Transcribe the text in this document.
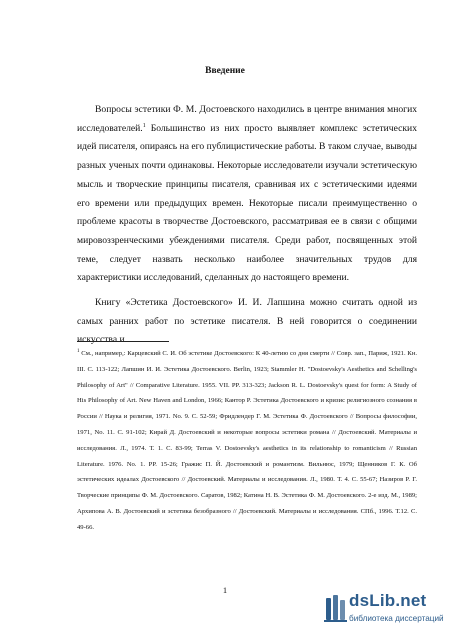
Введение

Вопросы эстетики Ф. М. Достоевского находились в центре внимания многих исследователей.$^1$ Большинство из них просто выявляет комплекс эстетических идей писателя, опираясь на его публицистические работы. В таком случае, выводы разных ученых почти одинаковы. Некоторые исследователи изучали эстетическую мысль и творческие принципы писателя, сравнивая их с эстетическими идеями его времени или предыдущих времен. Некоторые писали преимущественно о проблеме красоты в творчестве Достоевского, рассматривая ее в связи с общими мировоззренческими убеждениями писателя. Среди работ, посвященных этой теме, следует назвать несколько наиболее значительных трудов для характеристики исследований, сделанных до настоящего времени.

Книгу «Эстетика Достоевского» И. И. Лапшина можно считать одной из самых ранних работ по эстетике писателя. В ней говорится о соединении искусства и

$^1$ См., например,: Карцевский С. И. Об эстетике Достоевского: К 40-летию со дня смерти // Совр. зап., Париж, 1921. Кн. III. С. 113-122; Лапшин И. И. Эстетика Достоевского. Berlin, 1923; Stammler H. "Dostoevsky's Aesthetics and Schelling's Philosophy of Art" // Comparative Literature. 1955. VII. PP. 313-323; Jackson R. L. Dostoevsky's quest for form: A Study of His Philosophy of Art. New Haven and London, 1966; Кантор Р. Эстетика Достоевского и кризис религиозного сознания в России // Наука и религия, 1971. No. 9. C. 52-59; Фридлендер Г. М. Эстетика Ф. Достоевского // Вопросы философии, 1971, No. 11. C. 91-102; Кирай Д. Достоевский и некоторые вопросы эстетики романа // Достоевский. Материалы и исследования. Л., 1974. Т. 1. С. 83-99; Terras V. Dostoevsky's aesthetics in its relationship to romanticism // Russian Literature. 1976. No. 1. PP. 15-26; Гражис П. Й. Достоевский и романтизм. Вильнюс, 1979; Щенников Г. К. Об эстетических идеалах Достоевского // Достоевский. Материалы и исследования. Л., 1980. Т. 4. С. 55-67; Назиров Р. Г. Творческие принципы Ф. М. Достоевского. Саратов, 1982; Катина Н. В. Эстетика Ф. М. Достоевского. 2-е изд. М., 1989; Архипова А. В. Достоевский и эстетика безобразного // Достоевский. Материалы и исследования. СПб., 1996. Т.12. С. 49-66.
1
dsLib.net
библиотека диссертаций
